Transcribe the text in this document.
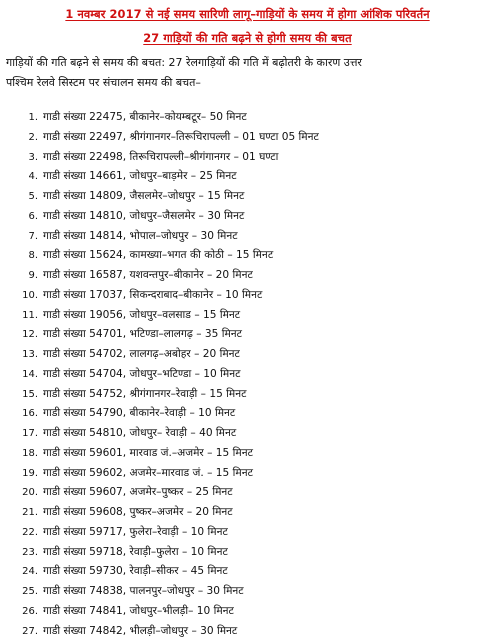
1 नवम्बर 2017 से नई समय सारिणी लागू–गाड़ियों के समय में होगा आंशिक परिवर्तन
27 गाड़ियों की गति बढ़ने से होगी समय की बचत
गाड़ियों की गति बढ़ने से समय की बचत: 27 रेलगाड़ियों की गति में बढ़ोतरी के कारण उत्तर
पश्चिम रेलवे सिस्टम पर संचालन समय की बचत–
1. गाडी संख्या 22475, बीकानेर–कोयम्बटूर– 50 मिनट
2. गाडी संख्या 22497, श्रीगंगानगर–तिरूचिरापल्ली – 01 घण्टा 05 मिनट
3. गाडी संख्या 22498, तिरूचिरापल्ली–श्रीगंगानगर – 01 घण्टा
4. गाडी संख्या 14661, जोधपुर–बाड़मेर – 25 मिनट
5. गाडी संख्या 14809, जैसलमेर–जोधपुर – 15 मिनट
6. गाडी संख्या 14810, जोधपुर–जैसलमेर – 30 मिनट
7. गाडी संख्या 14814, भोपाल–जोधपुर – 30 मिनट
8. गाडी संख्या 15624, कामख्या–भगत की कोठी – 15 मिनट
9. गाडी संख्या 16587, यशवन्तपुर–बीकानेर – 20 मिनट
10. गाडी संख्या 17037, सिकन्दराबाद–बीकानेर – 10 मिनट
11. गाडी संख्या 19056, जोधपुर–वलसाड – 15 मिनट
12. गाडी संख्या 54701, भटिण्डा–लालगढ़ – 35 मिनट
13. गाडी संख्या 54702, लालगढ़–अबोहर – 20 मिनट
14. गाडी संख्या 54704, जोधपुर–भटिण्डा – 10 मिनट
15. गाडी संख्या 54752, श्रीगंगानगर–रेवाड़ी – 15 मिनट
16. गाडी संख्या 54790, बीकानेर–रेवाड़ी – 10 मिनट
17. गाडी संख्या 54810, जोधपुर– रेवाड़ी – 40 मिनट
18. गाडी संख्या 59601, मारवाड जं.–अजमेर – 15 मिनट
19. गाडी संख्या 59602, अजमेर–मारवाड जं. – 15 मिनट
20. गाडी संख्या 59607, अजमेर–पुष्कर – 25 मिनट
21. गाडी संख्या 59608, पुष्कर–अजमेर – 20 मिनट
22. गाडी संख्या 59717, फुलेरा–रेवाड़ी – 10 मिनट
23. गाडी संख्या 59718, रेवाड़ी–फुलेरा – 10 मिनट
24. गाडी संख्या 59730, रेवाड़ी–सीकर – 45 मिनट
25. गाडी संख्या 74838, पालनपुर–जोधपुर – 30 मिनट
26. गाडी संख्या 74841, जोधपुर–भीलड़ी– 10 मिनट
27. गाडी संख्या 74842, भीलड़ी–जोधपुर – 30 मिनट
